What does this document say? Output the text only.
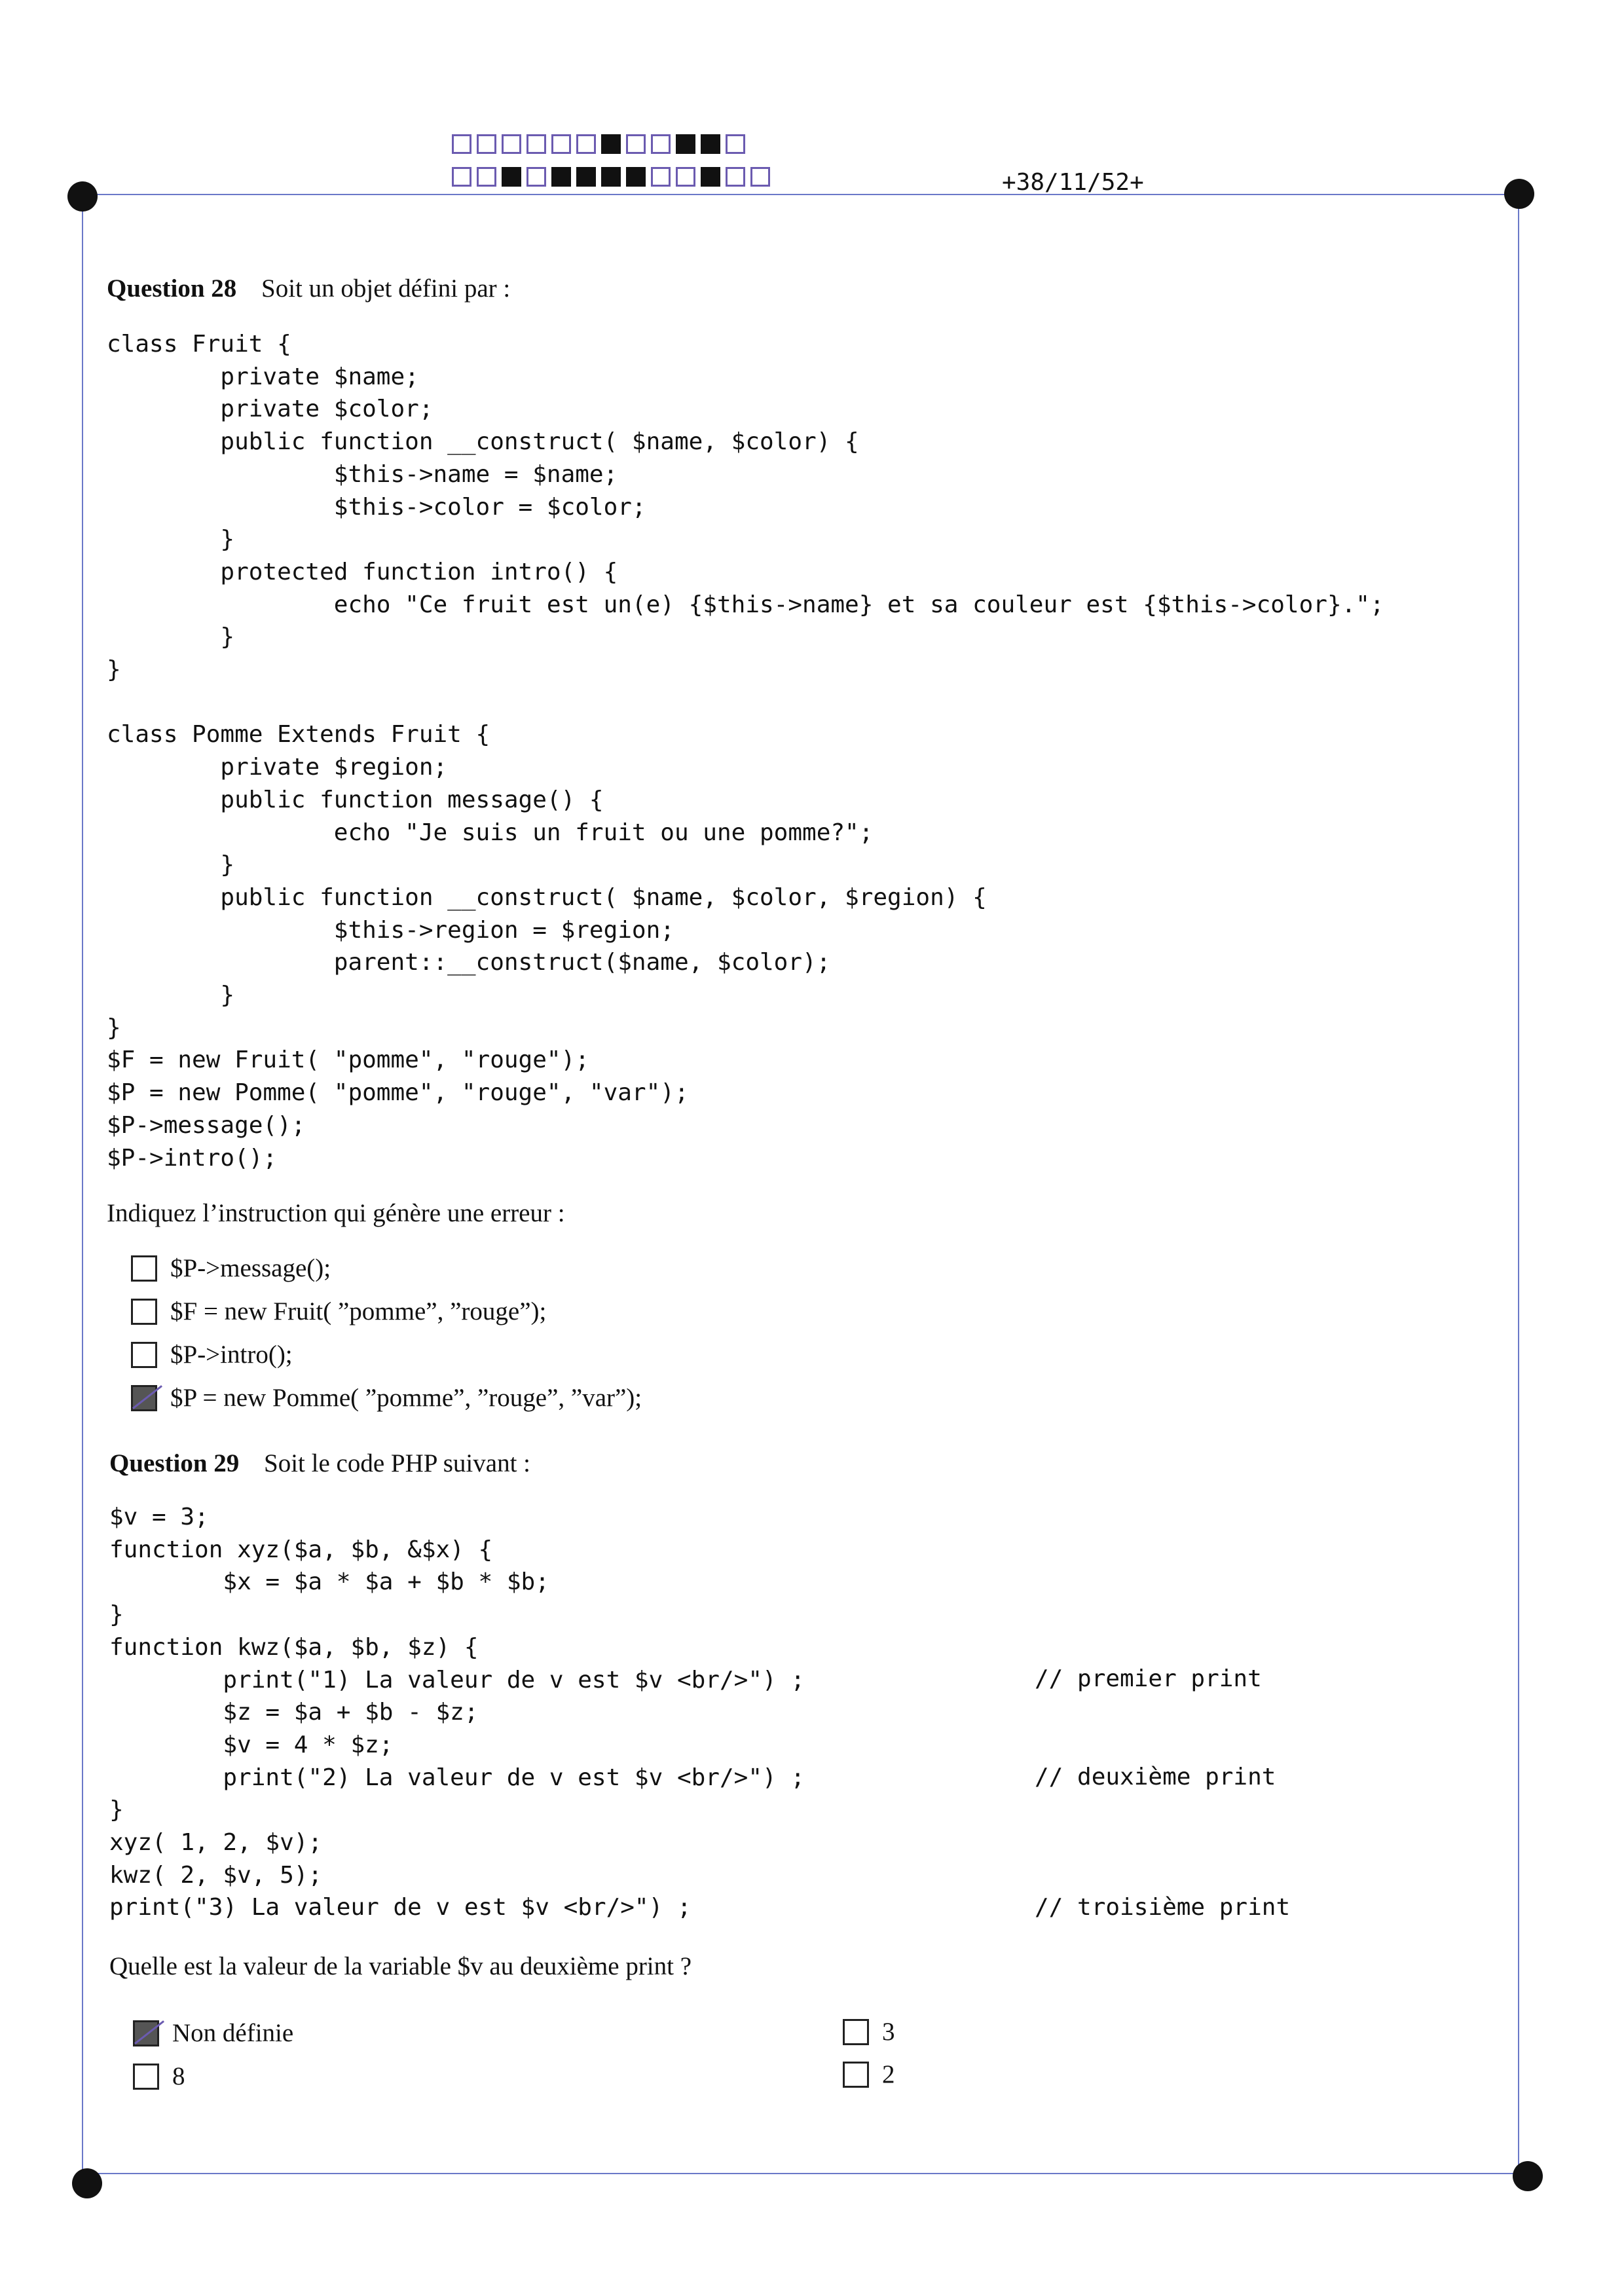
+38/11/52+
Question 28 Soit un objet défini par :
class Fruit {
private $name;
private $color;
public function __construct( $name, $color) {
$this->name = $name;
$this->color = $color;
}
protected function intro() {
echo "Ce fruit est un(e) {$this->name} et sa couleur est {$this->color}.";
}
}
class Pomme Extends Fruit {
private $region;
public function message() {
echo "Je suis un fruit ou une pomme?";
}
public function __construct( $name, $color, $region) {
$this->region = $region;
parent::__construct($name, $color);
}
}
$F = new Fruit( "pomme", "rouge");
$P = new Pomme( "pomme", "rouge", "var");
$P->message();
$P->intro();
Indiquez l’instruction qui génère une erreur :
$P->message();
$F = new Fruit( ”pomme”, ”rouge”);
$P->intro();
$P = new Pomme( ”pomme”, ”rouge”, ”var”);
Question 29 Soit le code PHP suivant :
$v = 3;
function xyz($a, $b, &$x) {
$x = $a * $a + $b * $b;
}
function kwz($a, $b, $z) {
print("1) La valeur de v est $v <br/>") ;
$z = $a + $b - $z;
$v = 4 * $z;
print("2) La valeur de v est $v <br/>") ;
}
xyz( 1, 2, $v);
kwz( 2, $v, 5);
print("3) La valeur de v est $v <br/>") ;
// premier print
// deuxième print
// troisième print
Quelle est la valeur de la variable $v au deuxième print ?
Non définie
8
3
2
